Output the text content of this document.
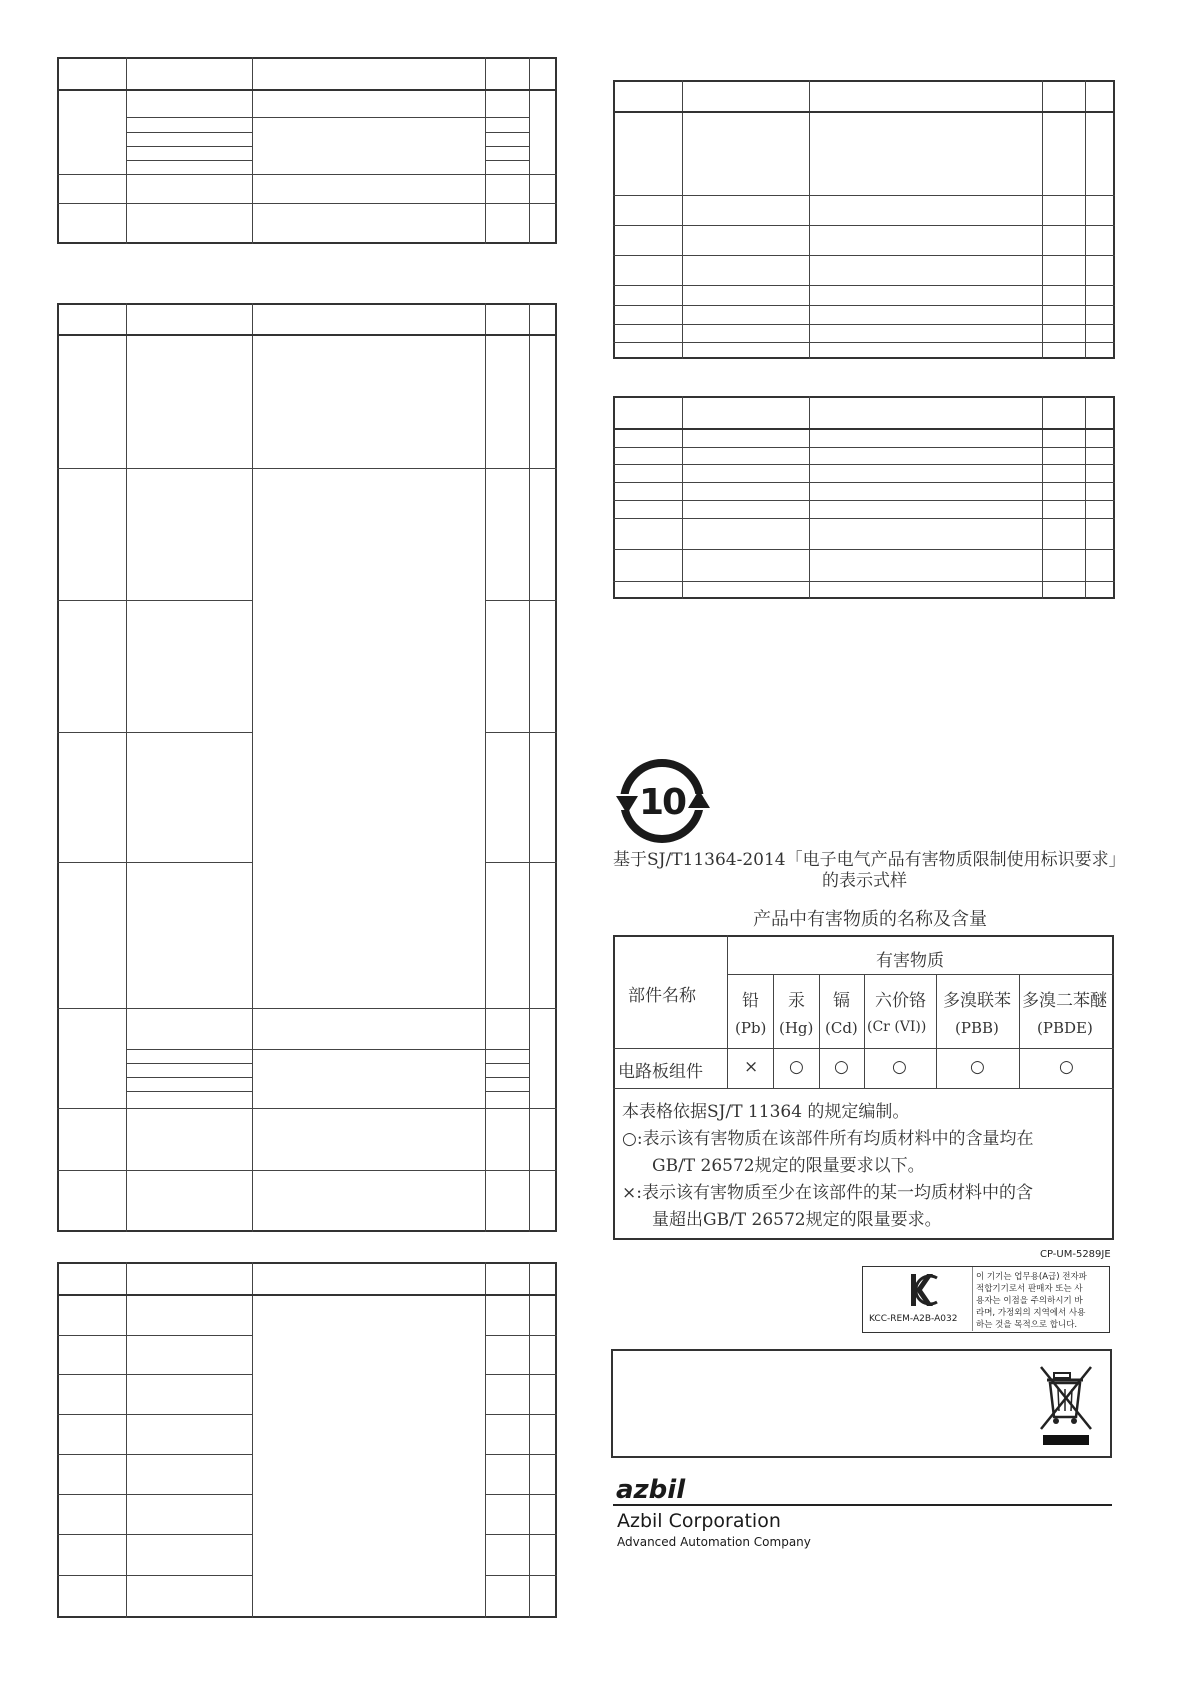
10
基于SJ/T11364-2014「电子电气产品有害物质限制使用标识要求」
的表示式样
产品中有害物质的名称及含量
部件名称
有害物质
铅 汞 镉 六价铬 多溴联苯 多溴二苯醚
(Pb) (Hg) (Cd) (Cr (VI)) (PBB)	(PBDE)
电路板组件 × ○ ○	○	○	○
本表格依据SJ/T 11364 的规定编制。
○:表示该有害物质在该部件所有均质材料中的含量均在
GB/T 26572规定的限量要求以下。
×:表示该有害物质至少在该部件的某一均质材料中的含
量超出GB/T 26572规定的限量要求。
CP-UM-5289JE
KCC-REM-A2B-A032
이 기기는 업무용(A급) 전자파
적합기기로서 판매자 또는 사
용자는 이점을 주의하시기 바
라며, 가정외의 지역에서 사용
하는 것을 목적으로 합니다.
azbil
Azbil Corporation
Advanced Automation Company
